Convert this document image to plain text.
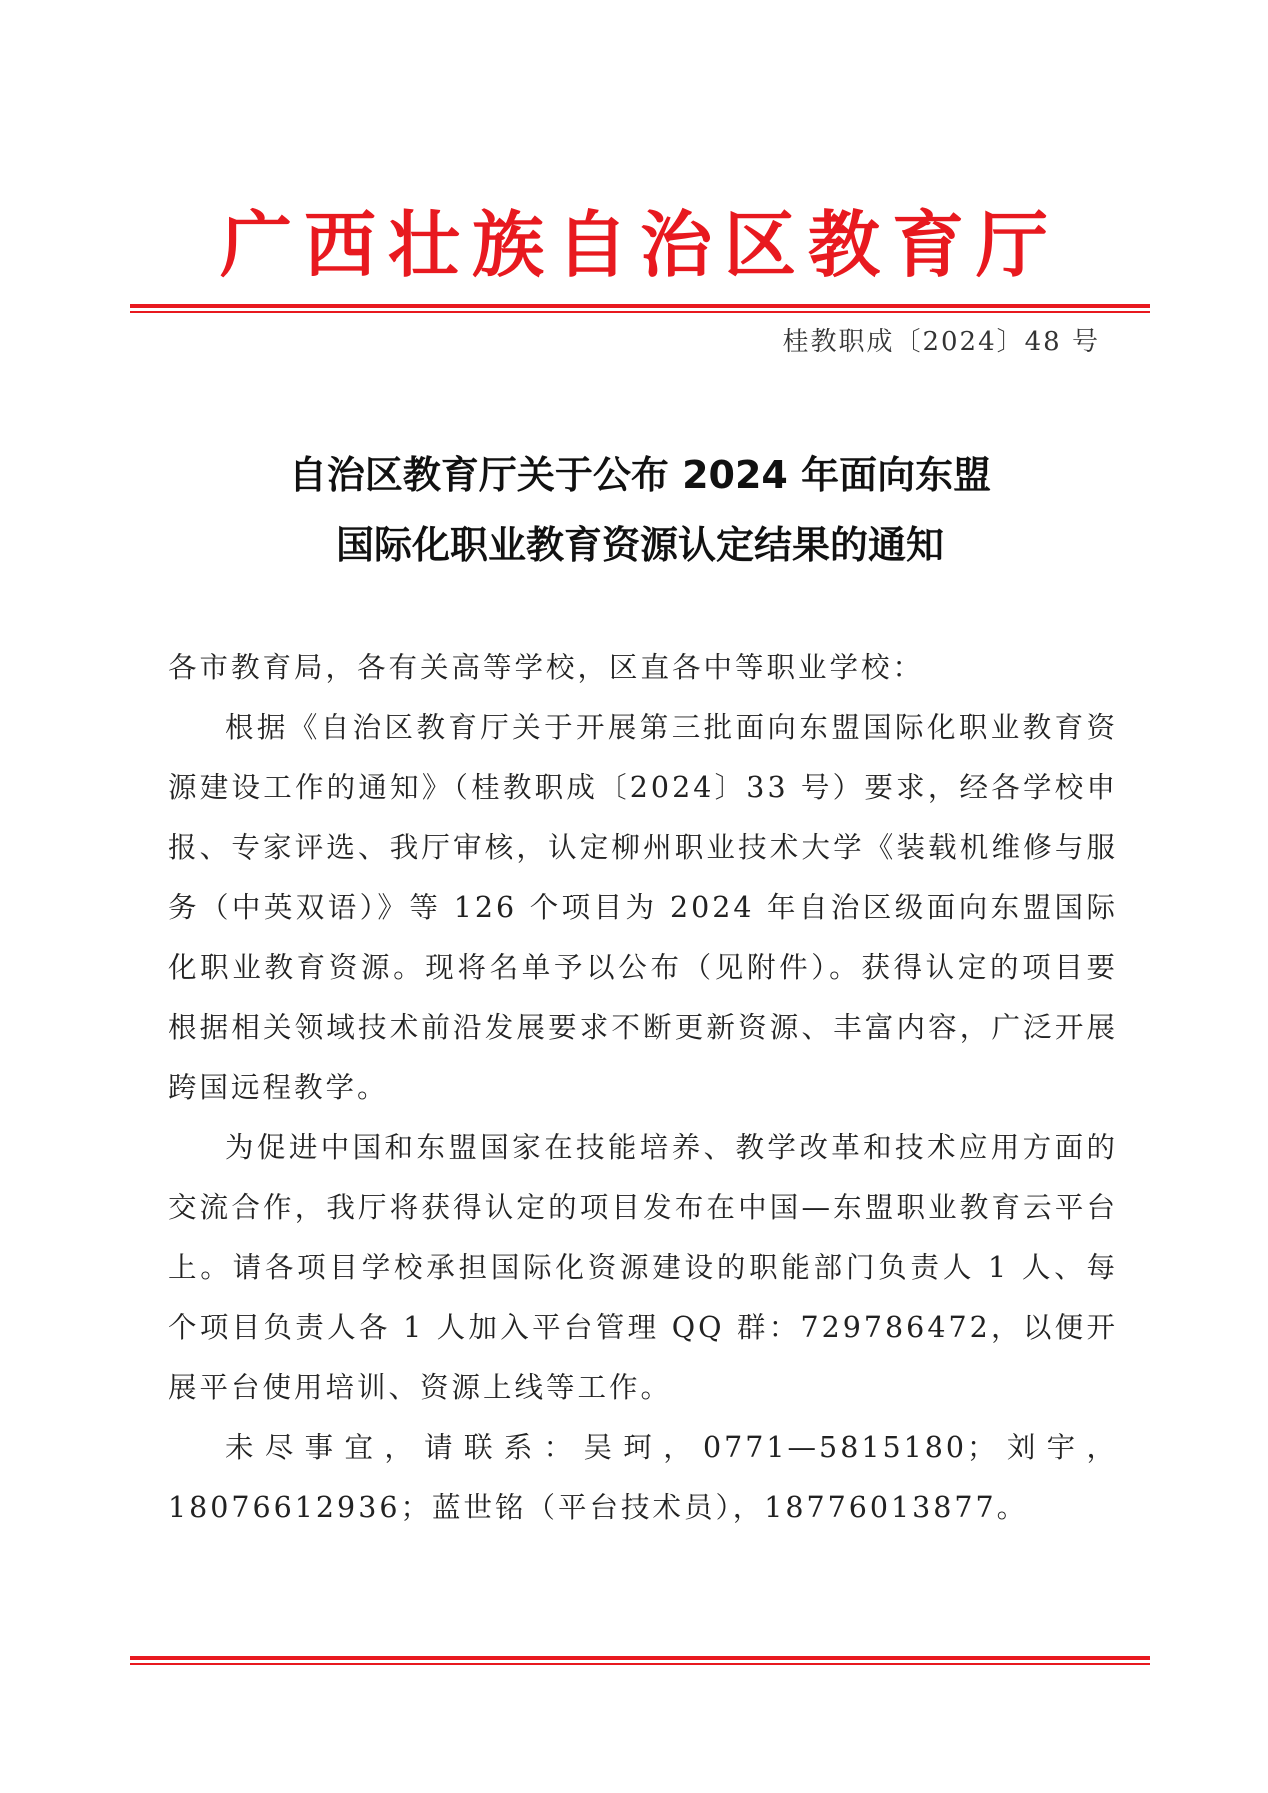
广西壮族自治区教育厅
桂教职成〔2024〕48 号
自治区教育厅关于公布 2024 年面向东盟
国际化职业教育资源认定结果的通知

各市教育局，各有关高等学校，区直各中等职业学校：

根据《自治区教育厅关于开展第三批面向东盟国际化职业教育资源建设工作的通知》（桂教职成〔2024〕33 号）要求，经各学校申报、专家评选、我厅审核，认定柳州职业技术大学《装载机维修与服务（中英双语）》等 126 个项目为 2024 年自治区级面向东盟国际化职业教育资源。现将名单予以公布（见附件）。获得认定的项目要根据相关领域技术前沿发展要求不断更新资源、丰富内容，广泛开展跨国远程教学。

为促进中国和东盟国家在技能培养、教学改革和技术应用方面的交流合作，我厅将获得认定的项目发布在中国—东盟职业教育云平台上。请各项目学校承担国际化资源建设的职能部门负责人 1 人、每个项目负责人各 1 人加入平台管理 QQ 群：729786472，以便开展平台使用培训、资源上线等工作。

未尽事宜，请联系：吴珂，0771—5815180；刘宇，18076612936；蓝世铭（平台技术员），18776013877。
